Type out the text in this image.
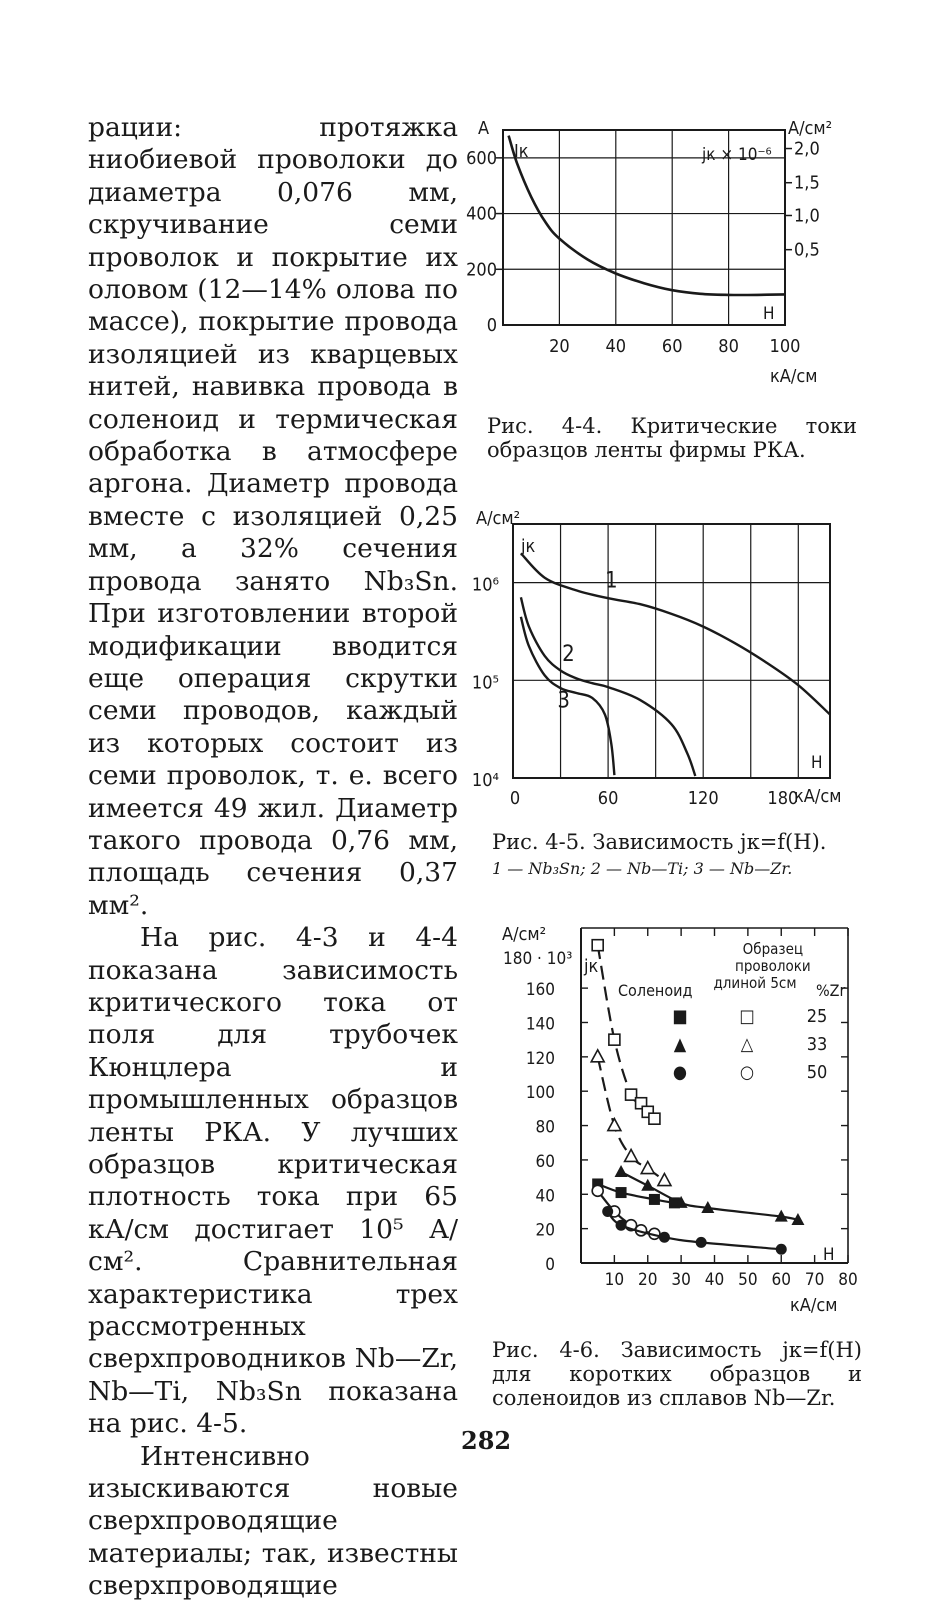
рации: протяжка ниобиевой проволоки до диаметра 0,076 мм, скручивание семи проволок и покрытие их оловом (12—14% олова по массе), покрытие провода изоляцией из кварцевых нитей, навивка провода в соленоид и термическая обработка в атмосфере аргона. Диаметр провода вместе с изоляцией 0,25 мм, а 32% сечения провода занято Nb₃Sn. При изготовлении второй модификации вводится еще операция скрутки семи проводов, каждый из которых состоит из семи проволок, т. е. всего имеется 49 жил. Диаметр такого провода 0,76 мм, площадь сечения 0,37 мм².

На рис. 4-3 и 4-4 показана зависимость критического тока от поля для трубочек Кюнцлера и промышленных образцов ленты РКА. У лучших образцов критическая плотность тока при 65 кА/см достигает 10⁵ А/см². Сравнительная характеристика трех рассмотренных сверхпроводников Nb—Zr, Nb—Ti, Nb₃Sn показана на рис. 4-5.

Интенсивно изыскиваются новые сверхпроводящие материалы; так, известны сверхпроводящие

А	А/см²
Iк	jк × 10⁻⁶
H
кА/см
А/см²
jк
H
кА/см
А/см²
180 · 10³ jк
H
кА/см
Соленоид
Образец проволоки длиной 5см	%Zr
20 40 60 80 100
0
200
400
600
0,5
1,0
1,5
2,0
10⁴
10⁵
10⁶
0	60	120	180
1
2
3
10 20 30 40 50 60 70 80
0
20
40
60
80
100
120
140
160
■	□	25
▲	△	33
●	○	50

Рис. 4-4. Критические токи образцов ленты фирмы РКА.

Рис. 4-5. Зависимость jк=f(H).

1 — Nb₃Sn; 2 — Nb—Ti; 3 — Nb—Zr.

Рис. 4-6. Зависимость jк=f(H) для коротких образцов и соленоидов из сплавов Nb—Zr.

282
